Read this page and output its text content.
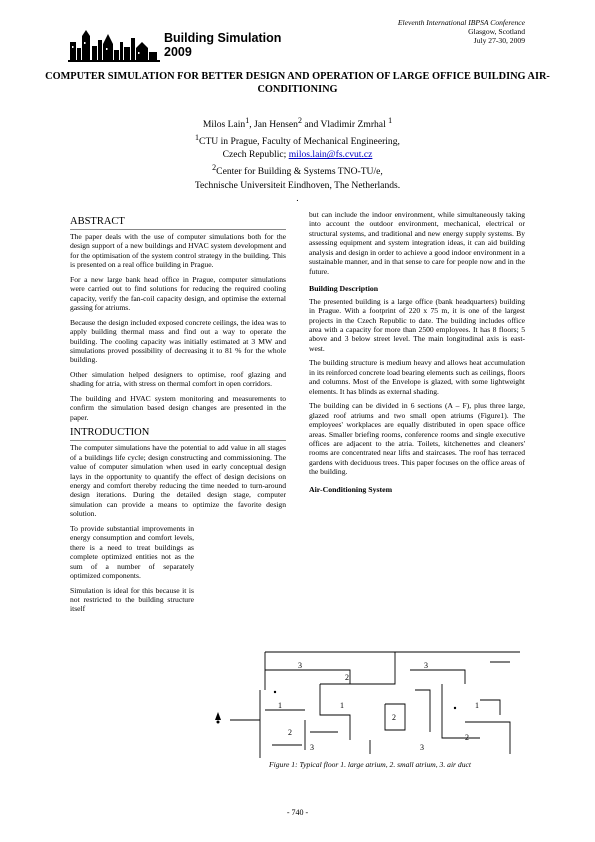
Building Simulation
2009
Eleventh International IBPSA Conference
Glasgow, Scotland
July 27-30, 2009
COMPUTER SIMULATION FOR BETTER DESIGN AND OPERATION OF LARGE OFFICE BUILDING AIR-CONDITIONING
Milos Lain$^1$, Jan Hensen$^2$ and Vladimir Zmrhal $^1$
$^1$CTU in Prague, Faculty of Mechanical Engineering,
Czech Republic; milos.lain@fs.cvut.cz
$^2$Center for Building & Systems TNO-TU/e,
Technische Universiteit Eindhoven, The Netherlands.
.
ABSTRACT

The paper deals with the use of computer simulations both for the design support of a new buildings and HVAC system development and for the optimisation of the system control strategy in the building. This is presented on a real office building in Prague.

For a new large bank head office in Prague, computer simulations were carried out to find solutions for reducing the required cooling capacity, verify the fan-coil capacity design, and optimise the external gassing for atriums.

Because the design included exposed concrete ceilings, the idea was to apply building thermal mass and find out a way to operate the building. The cooling capacity was initially estimated at 3 MW and simulations proved possibility of decreasing it to 81 % for the whole building.

Other simulation helped designers to optimise, roof glazing and shading for atria, with stress on thermal comfort in open corridors.

The building and HVAC system monitoring and measurements to confirm the simulation based design changes are presented in the paper.

INTRODUCTION

The computer simulations have the potential to add value in all stages of a buildings life cycle; design constructing and commissioning. The value of computer simulation when used in early conceptual design lays in the opportunity to quantify the effect of design decisions on energy and comfort thereby reducing the time needed to turn-around design iterations. During the detailed design stage, computer simulation can provide a means to optimize the favorite design solution.

To provide substantial improvements in energy consumption and comfort levels, there is a need to treat buildings as complete optimized entities not as the sum of a number of separately optimized components.

Simulation is ideal for this because it is not restricted to the building structure itself

but can include the indoor environment, while simultaneously taking into account the outdoor environment, mechanical, electrical or structural systems, and traditional and new energy supply systems. By assessing equipment and system integration ideas, it can aid building analysis and design in order to achieve a good indoor environment in a sustainable manner, and in that sense to care for people now and in the future.

Building Description

The presented building is a large office (bank headquarters) building in Prague. With a footprint of 220 x 75 m, it is one of the largest projects in the Czech Republic to date. The building includes office area with a capacity for more than 2500 employees. It has 8 floors; 5 above and 3 below street level. The main longitudinal axis is east-west.

The building structure is medium heavy and allows heat accumulation in its reinforced concrete load bearing elements such as ceilings, floors and columns. Most of the Envelope is glazed, with some lightweight elements. It has blinds as external shading.

The building can be divided in 6 sections (A – F), plus three large, glazed roof atriums and two small open atriums (Figure1). The employees' workplaces are equally distributed in open space office areas. Smaller briefing rooms, conference rooms and single executive offices are adjacent to the atria. Toilets, kitchenettes and cleaners' rooms are concentrated near lifts and staircases. The roof has terraced gardens with deciduous trees. This paper focuses on the office areas of the building.

Air-Conditioning System
1	1	1
2
2
2
2
3	3
3	3
Figure 1: Typical floor 1. large atrium, 2. small atrium, 3. air duct
- 740 -
